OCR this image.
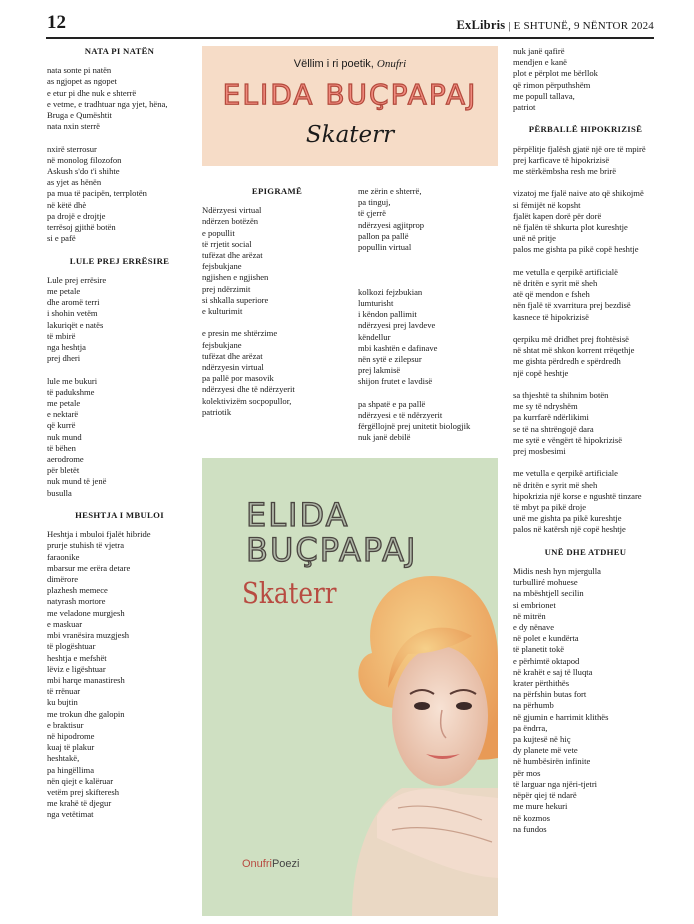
12	ExLibris | E SHTUNË, 9 NËNTOR 2024
NATA PI NATËN
nata sonte pi natën
as ngjopet as ngopet
e etur pi dhe nuk e shterrë
e vetme, e tradhtuar nga yjet, hëna,
Bruga e Qumështit
nata nxin sterrë
nxirë sterrosur
në monolog filozofon
Askush s'do t'i shihte
as yjet as hënën
pa mua të pacipën, terrplotën
në këtë dhè
pa drojë e drojtje
terrësoj gjithë botën
si e pafë
LULE PREJ ERRËSIRE
Lule prej errësire
me petale
dhe aromë terri
i shohin vetëm
lakuriqët e natës
të mbirë
nga heshtja
prej dheri
lule me bukuri
të padukshme
me petale
e nektarë
që kurrë
nuk mund
të bëhen
aerodrome
për bletët
nuk mund të jenë
busulla
HESHTJA I MBULOI
Heshtja i mbuloi fjalët hibride
prurje stuhish të vjetra
faraonike
mbarsur me erëra detare
dimërore
plazhesh memece
natyrash mortore
me veladone murgjesh
e maskuar
mbi vranësira muzgjesh
të plogështuar
heshtja e mefshët
lëviz e ligështuar
mbi harqe manastiresh
të rrënuar
ku bujtin
me trokun dhe galopin
e braktisur
në hipodrome
kuaj të plakur
heshtakë,
pa hingëllima
nën qiejt e kalëruar
vetëm prej skifteresh
me krahë të djegur
nga vetëtimat
EPIGRAMË
Ndërzyesi virtual
ndërzen botëzën
e popullit
të rrjetit social
tufëzat dhe arëzat
fejsbukjane
ngjishen e ngjishen
prej ndërzimit
si shkalla superiore
e kulturimit
e presin me shtërzime
fejsbukjane
tufëzat dhe arëzat
ndërzyesin virtual
pa pallë por masovik
ndërzyesi dhe të ndërzyerit
kolektivizëm socpopullor,
patriotik
me zërin e shterrë,
pa tinguj,
të çjerrë
ndërzyesi agjitprop
pallon pa pallë
popullin virtual
kolkozi fejzbukian
lumturisht
i këndon pallimit
ndërzyesi prej lavdeve
këndellur
mbi kashtën e dafinave
nën sytë e zilepsur
prej lakmisë
shijon frutet e lavdisë
pa shpatë e pa pallë
ndërzyesi e të ndërzyerit
fërgëllojnë prej unitetit biologjik
nuk janë debilë
nuk janë qafirë
mendjen e kanë
plot e përplot me bërllok
që rimon përputhshëm
me popull tallava,
patriot
PËRBALLË HIPOKRIZISË
përpëlitje fjalësh gjatë një ore të mpirë
prej karficave të hipokrizisë
me stërkëmbsha resh me brirë
vizatoj me fjalë naive ato që shikojmë
si fëmijët në kopsht
fjalët kapen dorë për dorë
në fjalën të shkurta plot kureshtje
unë në pritje
palos me gishta pa pikë copë heshtje
me vetulla e qerpikë artificialë
në dritën e syrit më sheh
atë që mendon e fsheh
nën fjalë të xvarritura prej bezdisë
kasnece të hipokrizisë
qerpiku më dridhet prej ftohtësisë
në shtat më shkon korrent rrëqethje
me gishta përdredh e spërdredh
një copë heshtje
sa thjeshtë ta shihnim botën
me sy të ndryshëm
pa kurrfarë ndërlikimi
se të na shtrëngojë dara
me sytë e vëngërt të hipokrizisë
prej mosbesimi
me vetulla e qerpikë artificiale
në dritën e syrit më sheh
hipokrizia një korse e ngushtë tinzare
të mbyt pa pikë droje
unë me gishta pa pikë kureshtje
palos në katërsh një copë heshtje
UNË DHE ATDHEU
Midis nesh hyn mjergulla
turbulliré mohuese
na mbështjell secilin
si embrionet
në mitrën
e dy nënave
në polet e kundërta
të planetit tokë
e përhimtë oktapod
në krahët e saj të lluqta
krater përthithës
na përfshin butas fort
na përhumb
në gjumin e harrimit klithës
pa ëndrra,
pa kujtesë në hiç
dy planete më vete
në humbësirën infinite
për mos
të larguar nga njëri-tjetri
nëpër qiej të ndarë
me mure hekuri
në kozmos
na fundos
Vëllim i ri poetik, Onufri
ELIDA BUÇPAPAJ
Skaterr
ELIDA
BUÇPAPAJ
Skaterr
OnufriPoezi
